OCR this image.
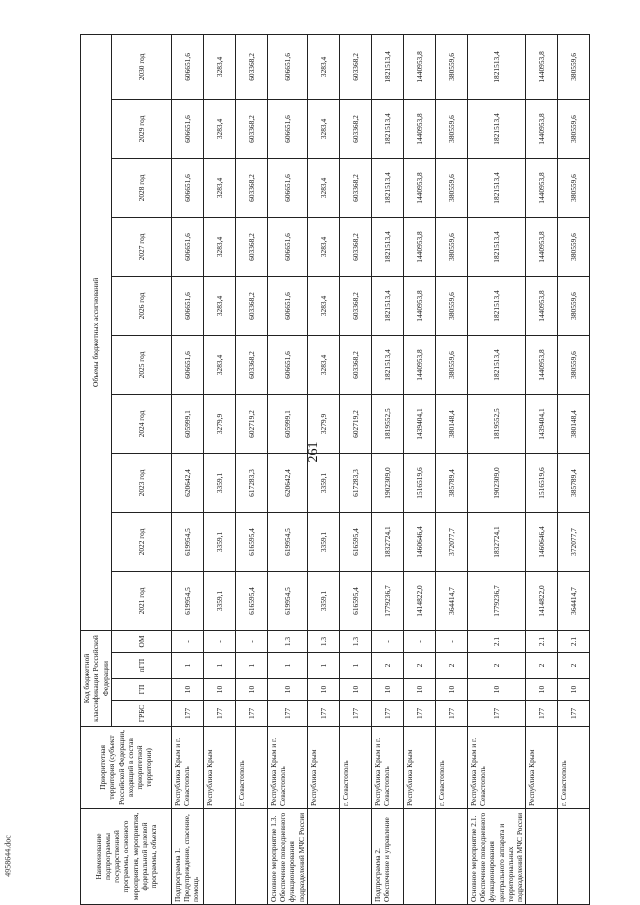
261
4958644.doc	Наименование подпрограммы государственной программы, основного мероприятия, мероприятия, федеральной целевой программы, объекта	Приоритетная территория (субъект Российской Федерации, входящий в состав приоритетной территории)	Код бюджетной классификации Российской Федерации				Объемы бюджетных ассигнований									
		ГРБС	ГП	пГП	ОМ	2021 год	2022 год	2023 год	2024 год	2025 год	2026 год	2027 год	2028 год	2029 год	2030 год
Подпрограмма 1. Предупреждение, спасение, помощь	Республика Крым и г. Севастополь	177	10	1	-	619954,5	619954,5	620642,4	605999,1	606651,6	606651,6	606651,6	606651,6	606651,6	606651,6
	Республика Крым	177	10	1	-	3359,1	3359,1	3359,1	3279,9	3283,4	3283,4	3283,4	3283,4	3283,4	3283,4
	г. Севастополь	177	10	1	-	616595,4	616595,4	617283,3	602719,2	603368,2	603368,2	603368,2	603368,2	603368,2	603368,2
Основное мероприятие 1.3. Обеспечение повседневного функционирования подразделений МЧС России	Республика Крым и г. Севастополь	177	10	1	1.3	619954,5	619954,5	620642,4	605999,1	606651,6	606651,6	606651,6	606651,6	606651,6	606651,6
	Республика Крым	177	10	1	1.3	3359,1	3359,1	3359,1	3279,9	3283,4	3283,4	3283,4	3283,4	3283,4	3283,4
	г. Севастополь	177	10	1	1.3	616595,4	616595,4	617283,3	602719,2	603368,2	603368,2	603368,2	603368,2	603368,2	603368,2
Подпрограмма 2. Обеспечение и управление	Республика Крым и г. Севастополь	177	10	2	-	1779236,7	1832724,1	1902309,0	1819552,5	1821513,4	1821513,4	1821513,4	1821513,4	1821513,4	1821513,4
	Республика Крым	177	10	2	-	1414822,0	1460646,4	1516519,6	1439404,1	1440953,8	1440953,8	1440953,8	1440953,8	1440953,8	1440953,8
	г. Севастополь	177	10	2	-	364414,7	372077,7	385789,4	380148,4	380559,6	380559,6	380559,6	380559,6	380559,6	380559,6
Основное мероприятие 2.1. Обеспечение повседневного функционирования центрального аппарата и территориальных подразделений МЧС России	Республика Крым и г. Севастополь	177	10	2	2.1	1779236,7	1832724,1	1902309,0	1819552,5	1821513,4	1821513,4	1821513,4	1821513,4	1821513,4	1821513,4
	Республика Крым	177	10	2	2.1	1414822,0	1460646,4	1516519,6	1439404,1	1440953,8	1440953,8	1440953,8	1440953,8	1440953,8	1440953,8
	г. Севастополь	177	10	2	2.1	364414,7	372077,7	385789,4	380148,4	380559,6	380559,6	380559,6	380559,6	380559,6	380559,6
